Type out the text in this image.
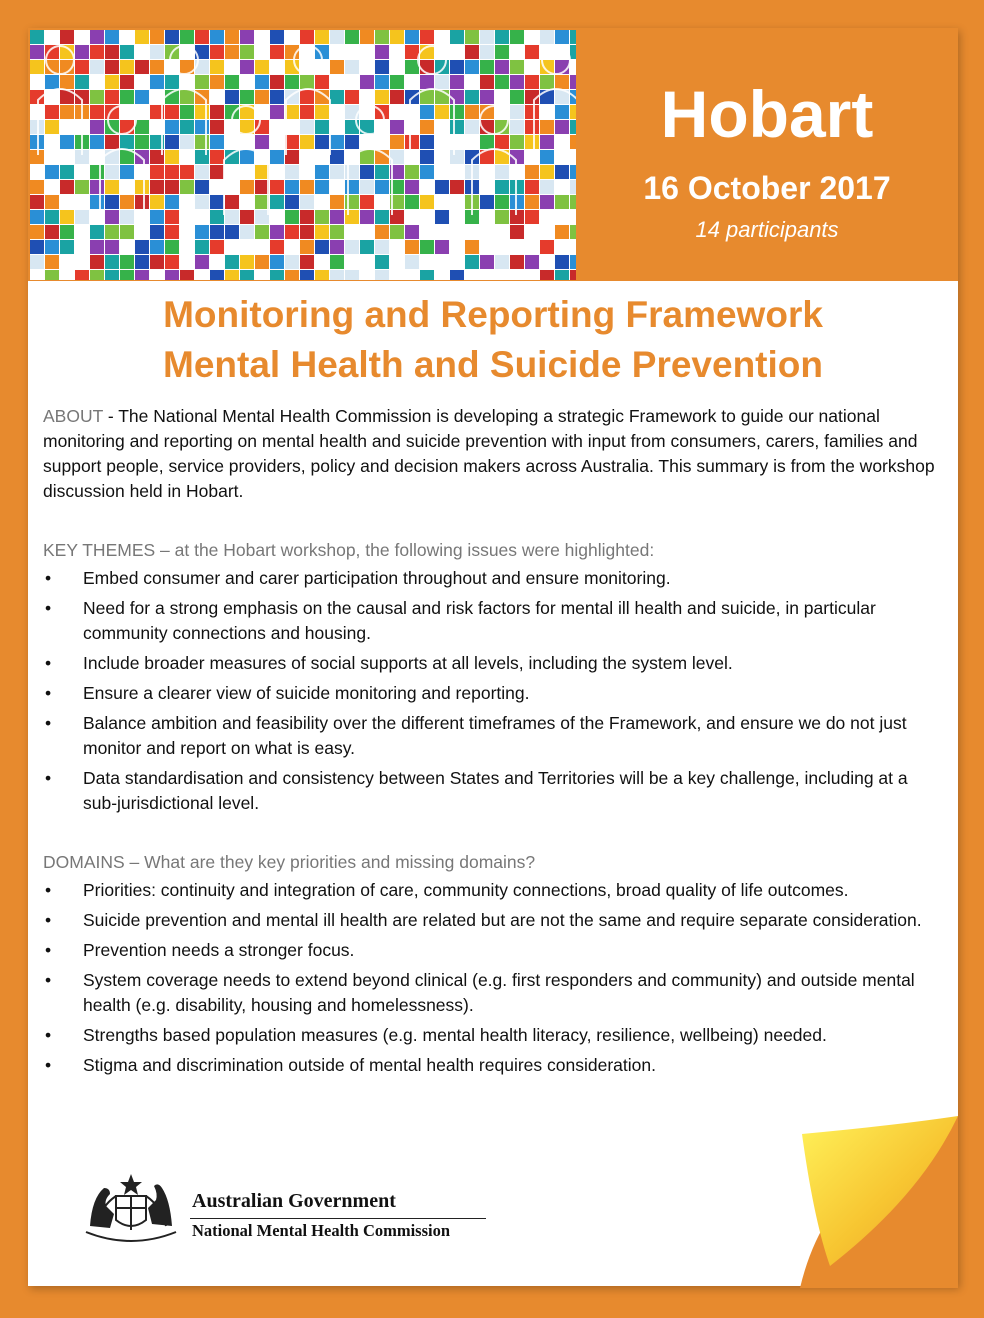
Hobart
16 October 2017
14 participants
Monitoring and Reporting Framework
Mental Health and Suicide Prevention

ABOUT - The National Mental Health Commission is developing a strategic Framework to guide our national monitoring and reporting on mental health and suicide prevention with input from consumers, carers, families and support people, service providers, policy and decision makers across Australia. This summary is from the workshop discussion held in Hobart.

KEY THEMES – at the Hobart workshop, the following issues were highlighted:
• Embed consumer and carer participation throughout and ensure monitoring.
• Need for a strong emphasis on the causal and risk factors for mental ill health and suicide, in particular community connections and housing.
• Include broader measures of social supports at all levels, including the system level.
• Ensure a clearer view of suicide monitoring and reporting.
• Balance ambition and feasibility over the different timeframes of the Framework, and ensure we do not just monitor and report on what is easy.
• Data standardisation and consistency between States and Territories will be a key challenge, including at a sub-jurisdictional level.
DOMAINS – What are they key priorities and missing domains?
• Priorities: continuity and integration of care, community connections, broad quality of life outcomes.
• Suicide prevention and mental ill health are related but are not the same and require separate consideration.
• Prevention needs a stronger focus.
• System coverage needs to extend beyond clinical (e.g. first responders and community) and outside mental health (e.g. disability, housing and homelessness).
• Strengths based population measures (e.g. mental health literacy, resilience, wellbeing) needed.
• Stigma and discrimination outside of mental health requires consideration.
Australian Government
National Mental Health Commission
